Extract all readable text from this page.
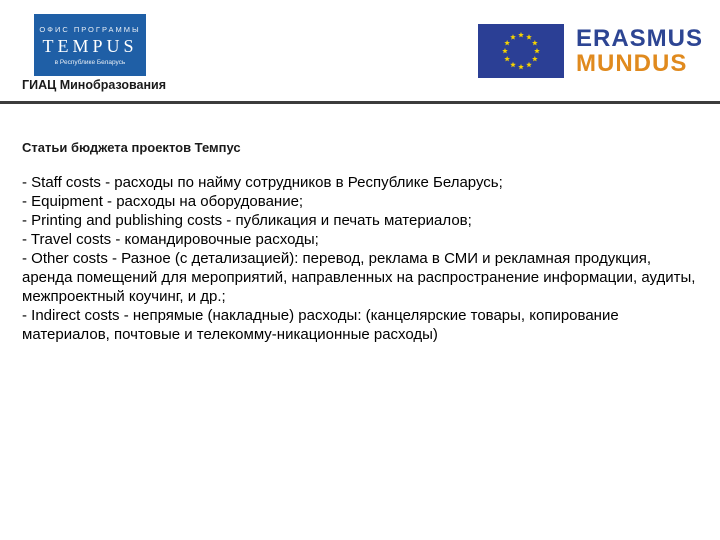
ОФИС ПРОГРАММЫ
TEMPUS
в Республике Беларусь
ГИАЦ Минобразования
ERASMUS
MUNDUS
Статьи бюджета проектов Темпус

- Staff costs - расходы по найму сотрудников в Республике Беларусь;

- Equipment - расходы на оборудование;

- Printing and publishing costs - публикация и печать материалов;

- Travel costs - командировочные расходы;

- Other costs - Разное (с детализацией): перевод, реклама в СМИ и рекламная продукция, аренда помещений для мероприятий, направленных на распространение информации, аудиты, межпроектный коучинг, и др.;

- Indirect costs - непрямые (накладные) расходы: (канцелярские товары, копирование материалов, почтовые и телекомму-никационные расходы)
